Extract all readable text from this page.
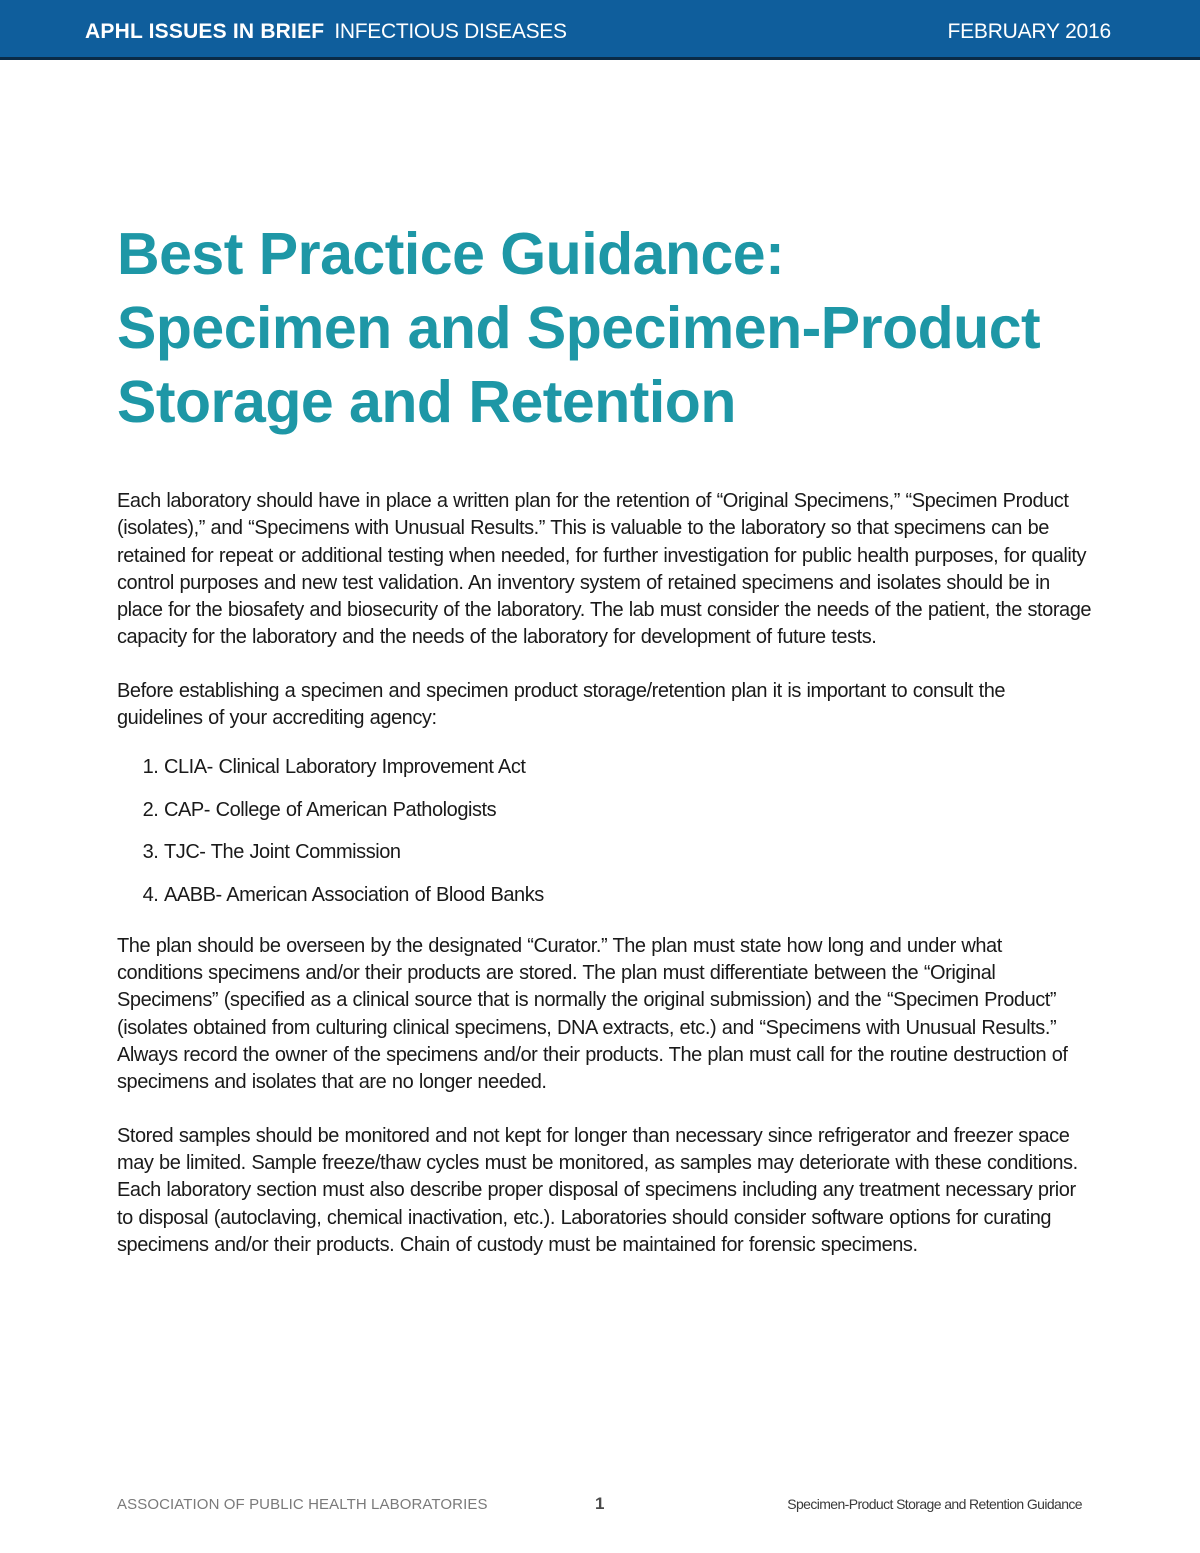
APHL ISSUES IN BRIEF INFECTIOUS DISEASES	FEBRUARY 2016
Best Practice Guidance:
Specimen and Specimen-Product
Storage and Retention

Each laboratory should have in place a written plan for the retention of “Original Specimens,” “Specimen Product (isolates),” and “Specimens with Unusual Results.” This is valuable to the laboratory so that specimens can be retained for repeat or additional testing when needed, for further investigation for public health purposes, for quality control purposes and new test validation. An inventory system of retained specimens and isolates should be in place for the biosafety and biosecurity of the laboratory. The lab must consider the needs of the patient, the storage capacity for the laboratory and the needs of the laboratory for development of future tests.

Before establishing a specimen and specimen product storage/retention plan it is important to consult the guidelines of your accrediting agency:

1. CLIA- Clinical Laboratory Improvement Act
2. CAP- College of American Pathologists
3. TJC- The Joint Commission
4. AABB- American Association of Blood Banks

The plan should be overseen by the designated “Curator.” The plan must state how long and under what conditions specimens and/or their products are stored. The plan must differentiate between the “Original Specimens” (specified as a clinical source that is normally the original submission) and the “Specimen Product” (isolates obtained from culturing clinical specimens, DNA extracts, etc.) and “Specimens with Unusual Results.” Always record the owner of the specimens and/or their products. The plan must call for the routine destruction of specimens and isolates that are no longer needed.

Stored samples should be monitored and not kept for longer than necessary since refrigerator and freezer space may be limited. Sample freeze/thaw cycles must be monitored, as samples may deteriorate with these conditions. Each laboratory section must also describe proper disposal of specimens including any treatment necessary prior to disposal (autoclaving, chemical inactivation, etc.). Laboratories should consider software options for curating specimens and/or their products. Chain of custody must be maintained for forensic specimens.

ASSOCIATION OF PUBLIC HEALTH LABORATORIES	1	Specimen-Product Storage and Retention Guidance
